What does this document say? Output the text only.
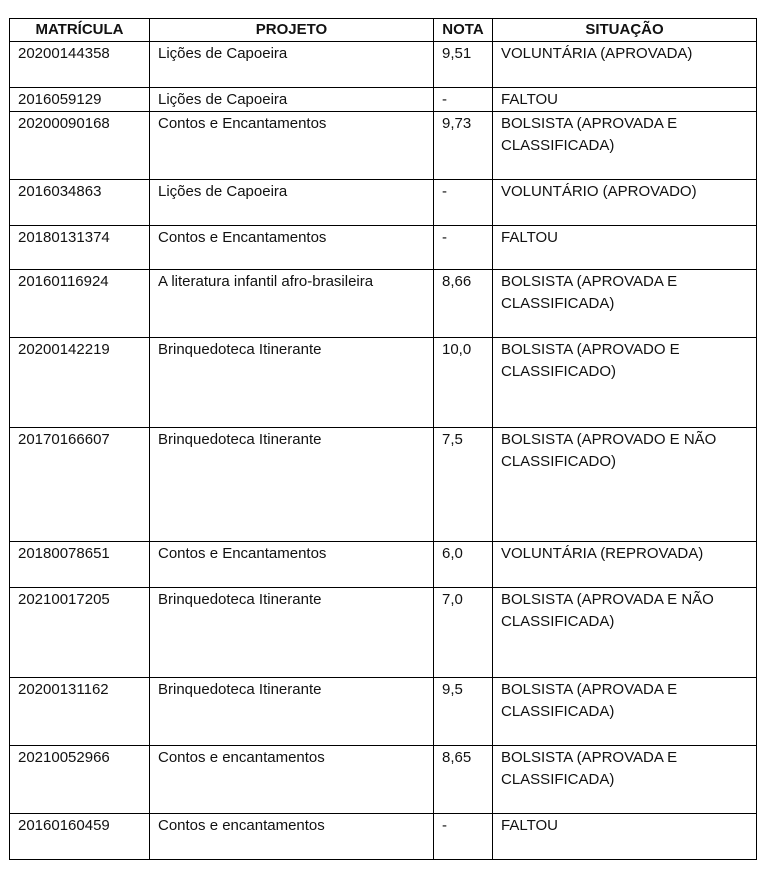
MATRÍCULA	PROJETO	NOTA	SITUAÇÃO
20200144358	Lições de Capoeira	9,51	VOLUNTÁRIA (APROVADA)
2016059129	Lições de Capoeira	-	FALTOU
20200090168	Contos e Encantamentos	9,73	BOLSISTA (APROVADA E CLASSIFICADA)
2016034863	Lições de Capoeira	-	VOLUNTÁRIO (APROVADO)
20180131374	Contos e Encantamentos	-	FALTOU
20160116924	A literatura infantil afro-brasileira	8,66	BOLSISTA (APROVADA E CLASSIFICADA)
20200142219	Brinquedoteca Itinerante	10,0	BOLSISTA (APROVADO E CLASSIFICADO)
20170166607	Brinquedoteca Itinerante	7,5	BOLSISTA (APROVADO E NÃO CLASSIFICADO)
20180078651	Contos e Encantamentos	6,0	VOLUNTÁRIA (REPROVADA)
20210017205	Brinquedoteca Itinerante	7,0	BOLSISTA (APROVADA E NÃO CLASSIFICADA)
20200131162	Brinquedoteca Itinerante	9,5	BOLSISTA (APROVADA E CLASSIFICADA)
20210052966	Contos e encantamentos	8,65	BOLSISTA (APROVADA E CLASSIFICADA)
20160160459	Contos e encantamentos	-	FALTOU
